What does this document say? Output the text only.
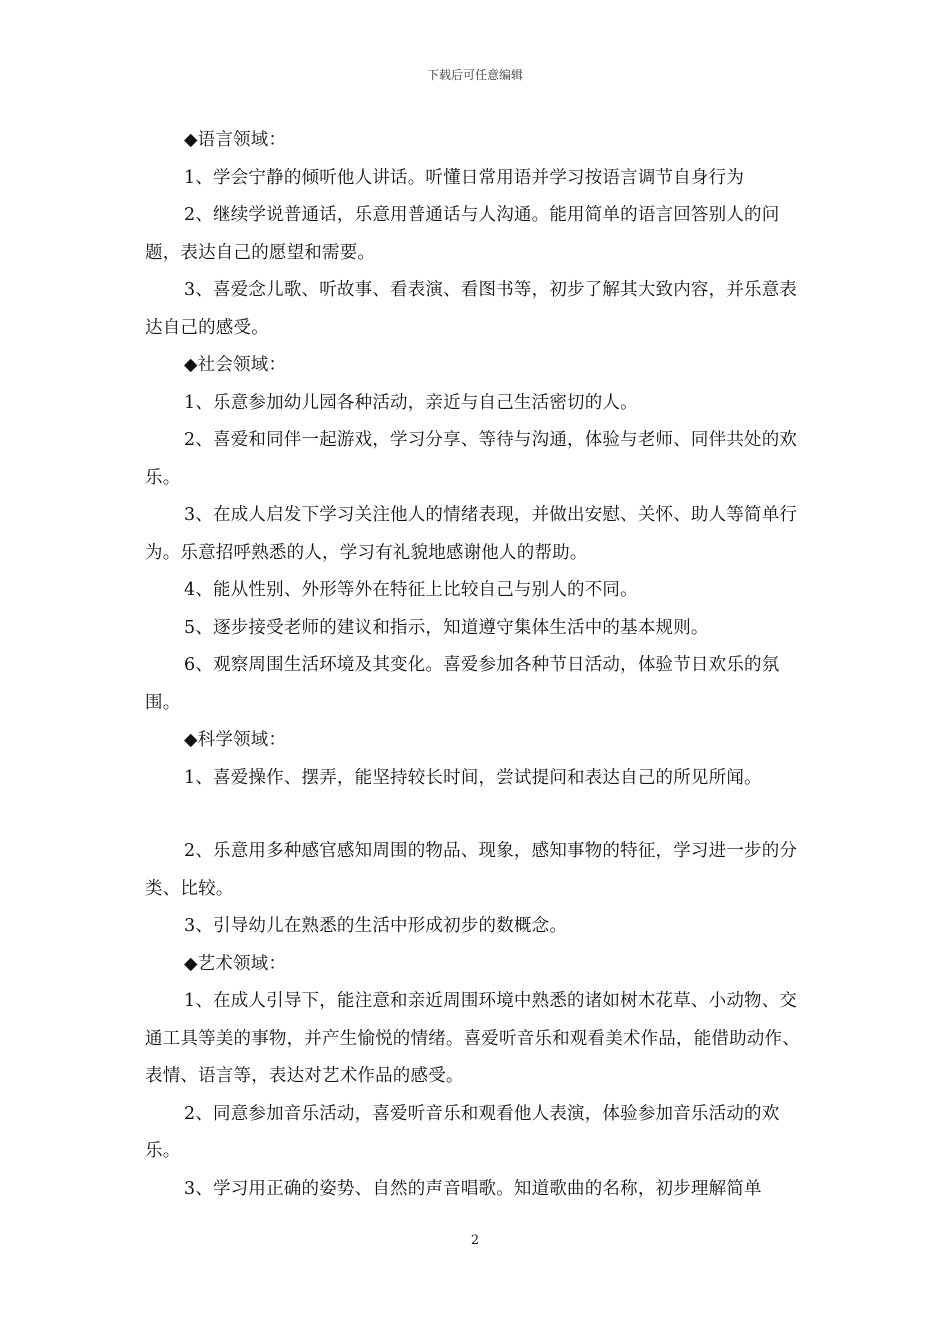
下载后可任意编辑

◆语言领域：

1、学会宁静的倾听他人讲话。听懂日常用语并学习按语言调节自身行为

2、继续学说普通话，乐意用普通话与人沟通。能用简单的语言回答别人的问题，表达自己的愿望和需要。

3、喜爱念儿歌、听故事、看表演、看图书等，初步了解其大致内容，并乐意表达自己的感受。

◆社会领域：

1、乐意参加幼儿园各种活动，亲近与自己生活密切的人。

2、喜爱和同伴一起游戏，学习分享、等待与沟通，体验与老师、同伴共处的欢乐。

3、在成人启发下学习关注他人的情绪表现，并做出安慰、关怀、助人等简单行为。乐意招呼熟悉的人，学习有礼貌地感谢他人的帮助。

4、能从性别、外形等外在特征上比较自己与别人的不同。

5、逐步接受老师的建议和指示，知道遵守集体生活中的基本规则。

6、观察周围生活环境及其变化。喜爱参加各种节日活动，体验节日欢乐的氛围。

◆科学领域：

1、喜爱操作、摆弄，能坚持较长时间，尝试提问和表达自己的所见所闻。

2、乐意用多种感官感知周围的物品、现象，感知事物的特征，学习进一步的分类、比较。

3、引导幼儿在熟悉的生活中形成初步的数概念。

◆艺术领域：

1、在成人引导下，能注意和亲近周围环境中熟悉的诸如树木花草、小动物、交通工具等美的事物，并产生愉悦的情绪。喜爱听音乐和观看美术作品，能借助动作、表情、语言等，表达对艺术作品的感受。

2、同意参加音乐活动，喜爱听音乐和观看他人表演，体验参加音乐活动的欢乐。

3、学习用正确的姿势、自然的声音唱歌。知道歌曲的名称，初步理解简单

2
